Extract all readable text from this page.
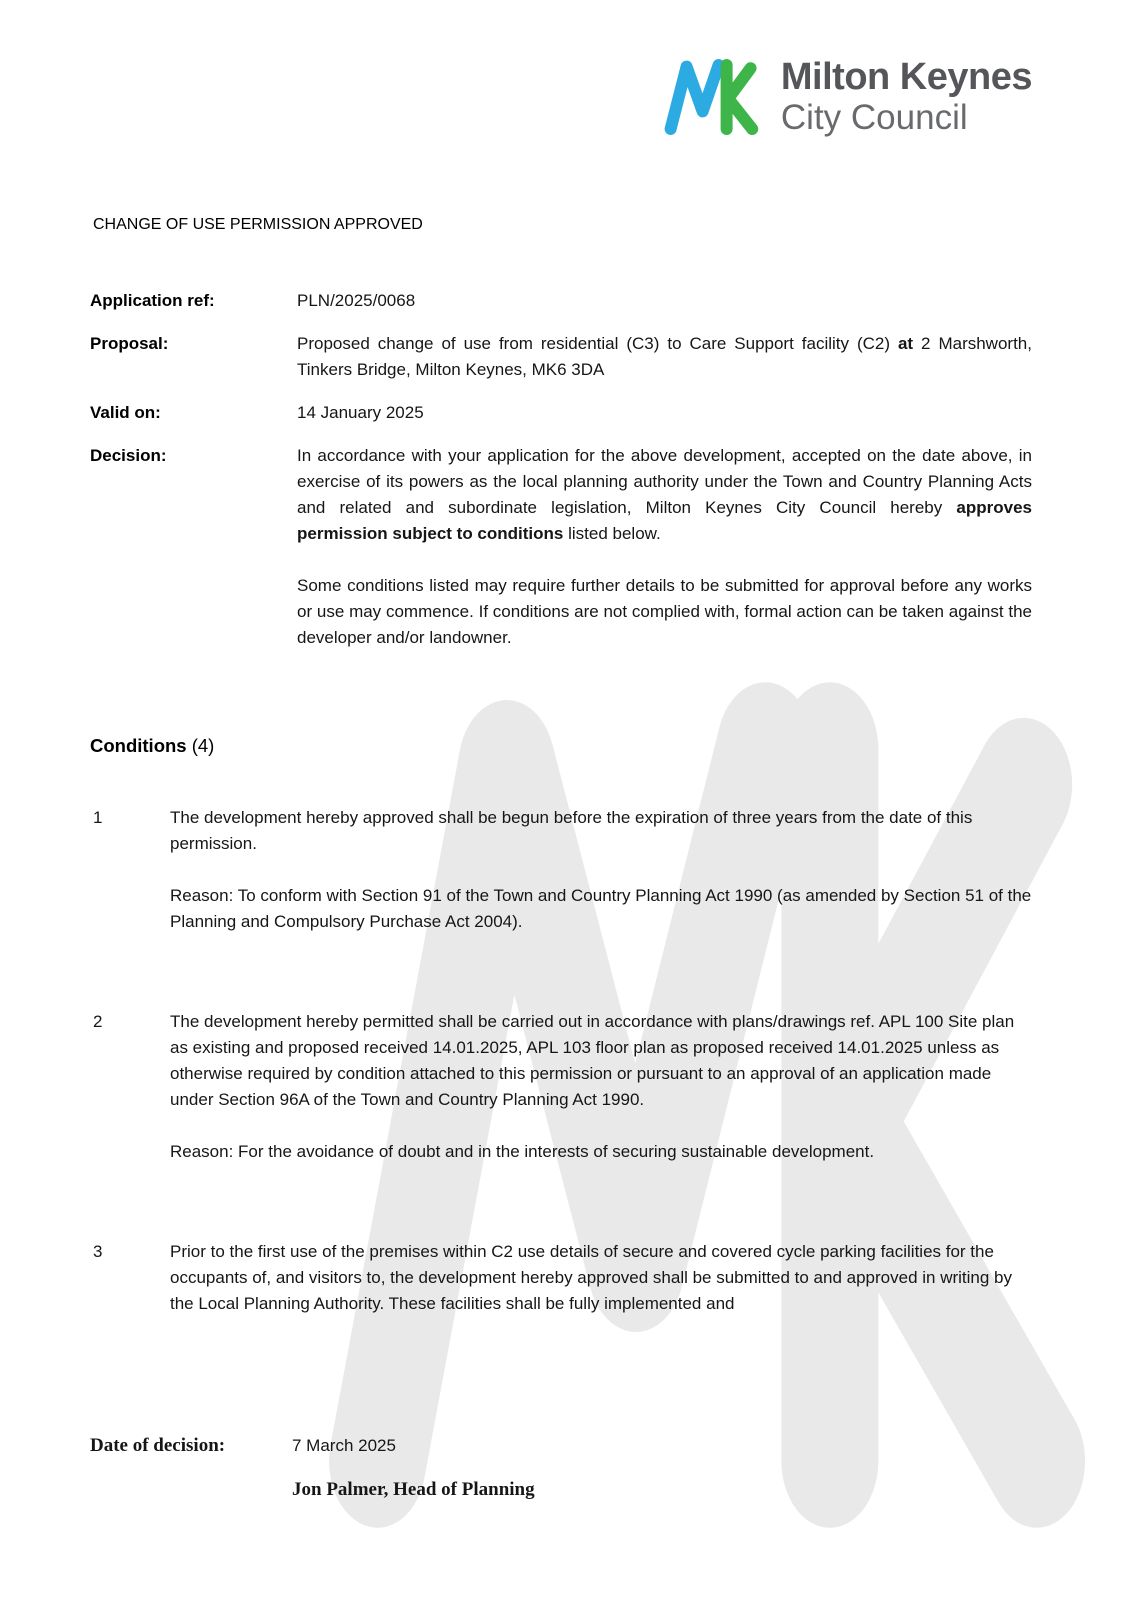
Milton Keynes
City Council
CHANGE OF USE PERMISSION APPROVED
Application ref:	PLN/2025/0068
Proposal:	Proposed change of use from residential (C3) to Care Support facility (C2) at 2 Marshworth, Tinkers Bridge, Milton Keynes, MK6 3DA
Valid on:	14 January 2025
Decision:	In accordance with your application for the above development, accepted on the date above, in exercise of its powers as the local planning authority under the Town and Country Planning Acts and related and subordinate legislation, Milton Keynes City Council hereby approves permission subject to conditions listed below.
Some conditions listed may require further details to be submitted for approval before any works or use may commence. If conditions are not complied with, formal action can be taken against the developer and/or landowner.
Conditions (4)
1	The development hereby approved shall be begun before the expiration of three years from the date of this permission.

Reason: To conform with Section 91 of the Town and Country Planning Act 1990 (as amended by Section 51 of the Planning and Compulsory Purchase Act 2004).

2	The development hereby permitted shall be carried out in accordance with plans/drawings ref. APL 100 Site plan as existing and proposed received 14.01.2025, APL 103 floor plan as proposed received 14.01.2025 unless as otherwise required by condition attached to this permission or pursuant to an approval of an application made under Section 96A of the Town and Country Planning Act 1990.

Reason: For the avoidance of doubt and in the interests of securing sustainable development.

3	Prior to the first use of the premises within C2 use details of secure and covered cycle parking facilities for the occupants of, and visitors to, the development hereby approved shall be submitted to and approved in writing by the Local Planning Authority. These facilities shall be fully implemented and

Date of decision:	7 March 2025
Jon Palmer, Head of Planning
